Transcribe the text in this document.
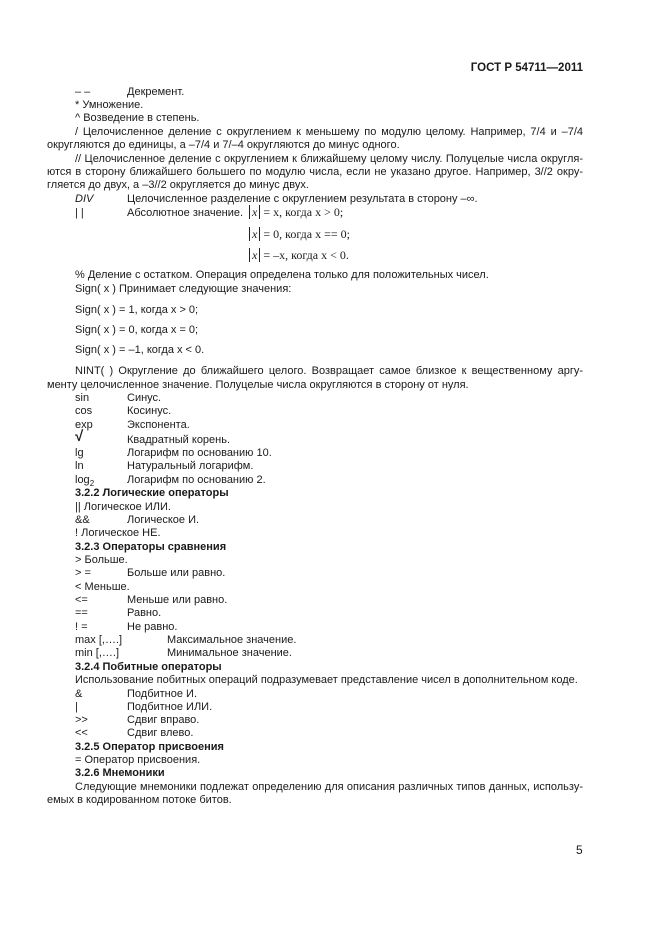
ГОСТ Р 54711—2011
– –	Декремент.
* Умножение.
^ Возведение в степень.
/ Целочисленное деление с округлением к меньшему по модулю целому. Например, 7/4 и –7/4
округляются до единицы, а –7/4 и 7/–4 округляются до минус одного.
// Целочисленное деление с округлением к ближайшему целому числу. Полуцелые числа округля-
ются в сторону ближайшего большего по модулю числа, если не указано другое. Например, 3//2 окру-
гляется до двух, а –3//2 округляется до минус двух.
DIV	Целочисленное разделение с округлением результата в сторону –∞.
| |	Абсолютное значение. x = x, когда x > 0;
x = 0, когда x == 0;
x = –x, когда x < 0.
% Деление с остатком. Операция определена только для положительных чисел.
Sign( x ) Принимает следующие значения:
Sign( x ) = 1, когда x > 0;
Sign( x ) = 0, когда x = 0;
Sign( x ) = –1, когда x < 0.
NINT( ) Округление до ближайшего целого. Возвращает самое близкое к вещественному аргу-
менту целочисленное значение. Полуцелые числа округляются в сторону от нуля.
sin	Синус.
cos	Косинус.
exp	Экспонента.
√	Квадратный корень.
lg	Логарифм по основанию 10.
ln	Натуральный логарифм.
$\log_2$	Логарифм по основанию 2.
3.2.2 Логические операторы
|| Логическое ИЛИ.
&&	Логическое И.
! Логическое НЕ.
3.2.3 Операторы сравнения
> Больше.
> =	Больше или равно.
< Меньше.
<=	Меньше или равно.
==	Равно.
! =	Не равно.
max [,….]	Максимальное значение.
min [,….]	Минимальное значение.
3.2.4 Побитные операторы
Использование побитных операций подразумевает представление чисел в дополнительном коде.
&	Подбитное И.
|	Подбитное ИЛИ.
>>	Сдвиг вправо.
<<	Сдвиг влево.
3.2.5 Оператор присвоения
= Оператор присвоения.
3.2.6 Мнемоники
Следующие мнемоники подлежат определению для описания различных типов данных, использу-
емых в кодированном потоке битов.
5
